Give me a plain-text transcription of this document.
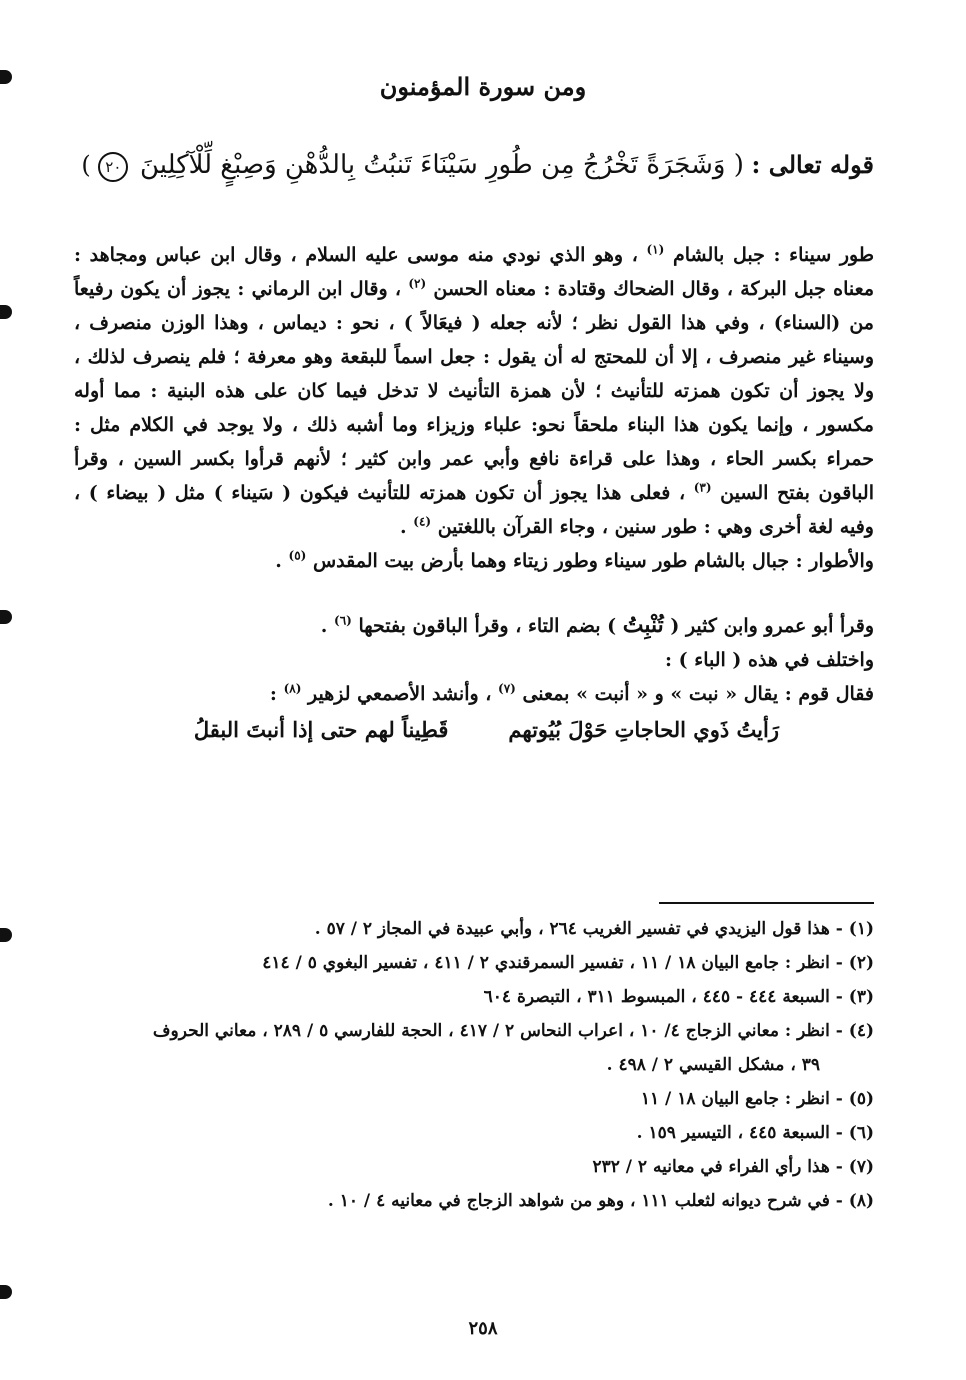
ومن سورة المؤمنون
قوله تعالى : ( وَشَجَرَةً تَخْرُجُ مِن طُورِ سَيْنَاءَ تَنبُتُ بِالدُّهْنِ وَصِبْغٍ لِّلْآكِلِينَ ٢٠ )

طور سيناء : جبل بالشام $^{(١)}$ ، وهو الذي نودي منه موسى عليه السلام ، وقال ابن عباس ومجاهد : معناه جبل البركة ، وقال الضحاك وقتادة : معناه الحسن $^{(٢)}$ ، وقال ابن الرماني : يجوز أن يكون رفيعاً من (السناء) ، وفي هذا القول نظر ؛ لأنه جعله ( فيعَالاً ) ، نحو : ديماس ، وهذا الوزن منصرف ، وسيناء غير منصرف ، إلا أن للمحتج له أن يقول : جعل اسماً للبقعة وهو معرفة ؛ فلم ينصرف لذلك ، ولا يجوز أن تكون همزته للتأنيث ؛ لأن همزة التأنيث لا تدخل فيما كان على هذه البنية : مما أوله مكسور ، وإنما يكون هذا البناء ملحقاً نحو: علباء وزيزاء وما أشبه ذلك ، ولا يوجد في الكلام مثل : حمراء بكسر الحاء ، وهذا على قراءة نافع وأبي عمر وابن كثير ؛ لأنهم قرأوا بكسر السين ، وقرأ الباقون بفتح السين $^{(٣)}$ ، فعلى هذا يجوز أن تكون همزته للتأنيث فيكون ( سَيناء ) مثل ( بيضاء ) ، وفيه لغة أخرى وهي : طور سنين ، وجاء القرآن باللغتين $^{(٤)}$ .

والأطوار : جبال بالشام طور سيناء وطور زيتاء وهما بأرض بيت المقدس $^{(٥)}$ .

وقرأ أبو عمرو وابن كثير ( تُنْبِتُ ) بضم التاء ، وقرأ الباقون بفتحها $^{(٦)}$ .

واختلف في هذه ( الباء ) :

فقال قوم : يقال « نبت » و « أنبت » بمعنى $^{(٧)}$ ، وأنشد الأصمعي لزهير $^{(٨)}$ :

رَأيتُ ذَوي الحاجاتِ حَوْلَ بُيُوتهم
قَطِيناً لهم حتى إذا أنبتَ البقلُ

(١) - هذا قول اليزيدي في تفسير الغريب ٢٦٤ ، وأبي عبيدة في المجاز ٢ / ٥٧ .

(٢) - انظر : جامع البيان ١٨ / ١١ ، تفسير السمرقندي ٢ / ٤١١ ، تفسير البغوي ٥ / ٤١٤

(٣) - السبعة ٤٤٤ - ٤٤٥ ، المبسوط ٣١١ ، التبصرة ٦٠٤

(٤) - انظر : معاني الزجاج ٤/ ١٠ ، اعراب النحاس ٢ / ٤١٧ ، الحجة للفارسي ٥ / ٢٨٩ ، معاني الحروف

٣٩ ، مشكل القيسي ٢ / ٤٩٨ .

(٥) - انظر : جامع البيان ١٨ / ١١

(٦) - السبعة ٤٤٥ ، التيسير ١٥٩ .

(٧) - هذا رأي الفراء في معانيه ٢ / ٢٣٢

(٨) - في شرح ديوانه لثعلب ١١١ ، وهو من شواهد الزجاج في معانيه ٤ / ١٠ .

٢٥٨
